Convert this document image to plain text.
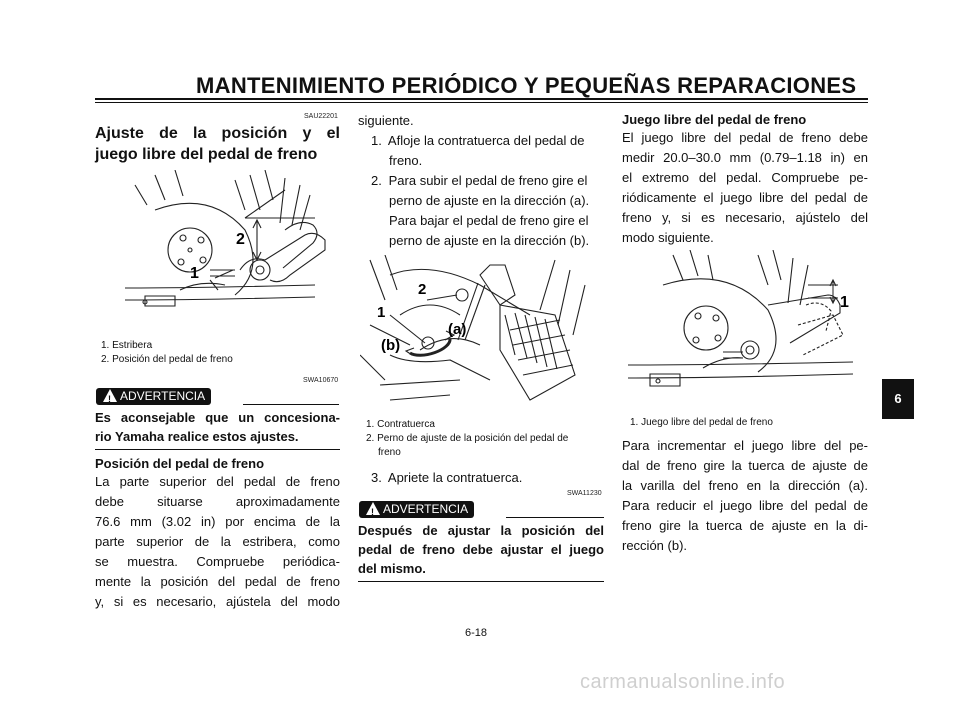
MANTENIMIENTO PERIÓDICO Y PEQUEÑAS REPARACIONES
SAU22201
Ajuste de la posición y el
juego libre del pedal de freno
2
1
1. Estribera
2. Posición del pedal de freno
SWA10670
! ADVERTENCIA
Es aconsejable que un concesiona-
rio Yamaha realice estos ajustes.
Posición del pedal de freno
La parte superior del pedal de freno
debe situarse aproximadamente
76.6 mm (3.02 in) por encima de la
parte superior de la estribera, como
se muestra. Compruebe periódica-
mente la posición del pedal de freno
y, si es necesario, ajústela del modo
siguiente.
1. Afloje la contratuerca del pedal de
freno.
2. Para subir el pedal de freno gire el
perno de ajuste en la dirección (a).
Para bajar el pedal de freno gire el
perno de ajuste en la dirección (b).
2
1
(a)
(b)
1. Contratuerca
2. Perno de ajuste de la posición del pedal de
freno
3. Apriete la contratuerca.
SWA11230
! ADVERTENCIA
Después de ajustar la posición del
pedal de freno debe ajustar el juego
del mismo.
Juego libre del pedal de freno
El juego libre del pedal de freno debe
medir 20.0–30.0 mm (0.79–1.18 in) en
el extremo del pedal. Compruebe pe-
riódicamente el juego libre del pedal de
freno y, si es necesario, ajústelo del
modo siguiente.
1
1. Juego libre del pedal de freno
Para incrementar el juego libre del pe-
dal de freno gire la tuerca de ajuste de
la varilla del freno en la dirección (a).
Para reducir el juego libre del pedal de
freno gire la tuerca de ajuste en la di-
rección (b).
6
6-18
carmanualsonline.info
